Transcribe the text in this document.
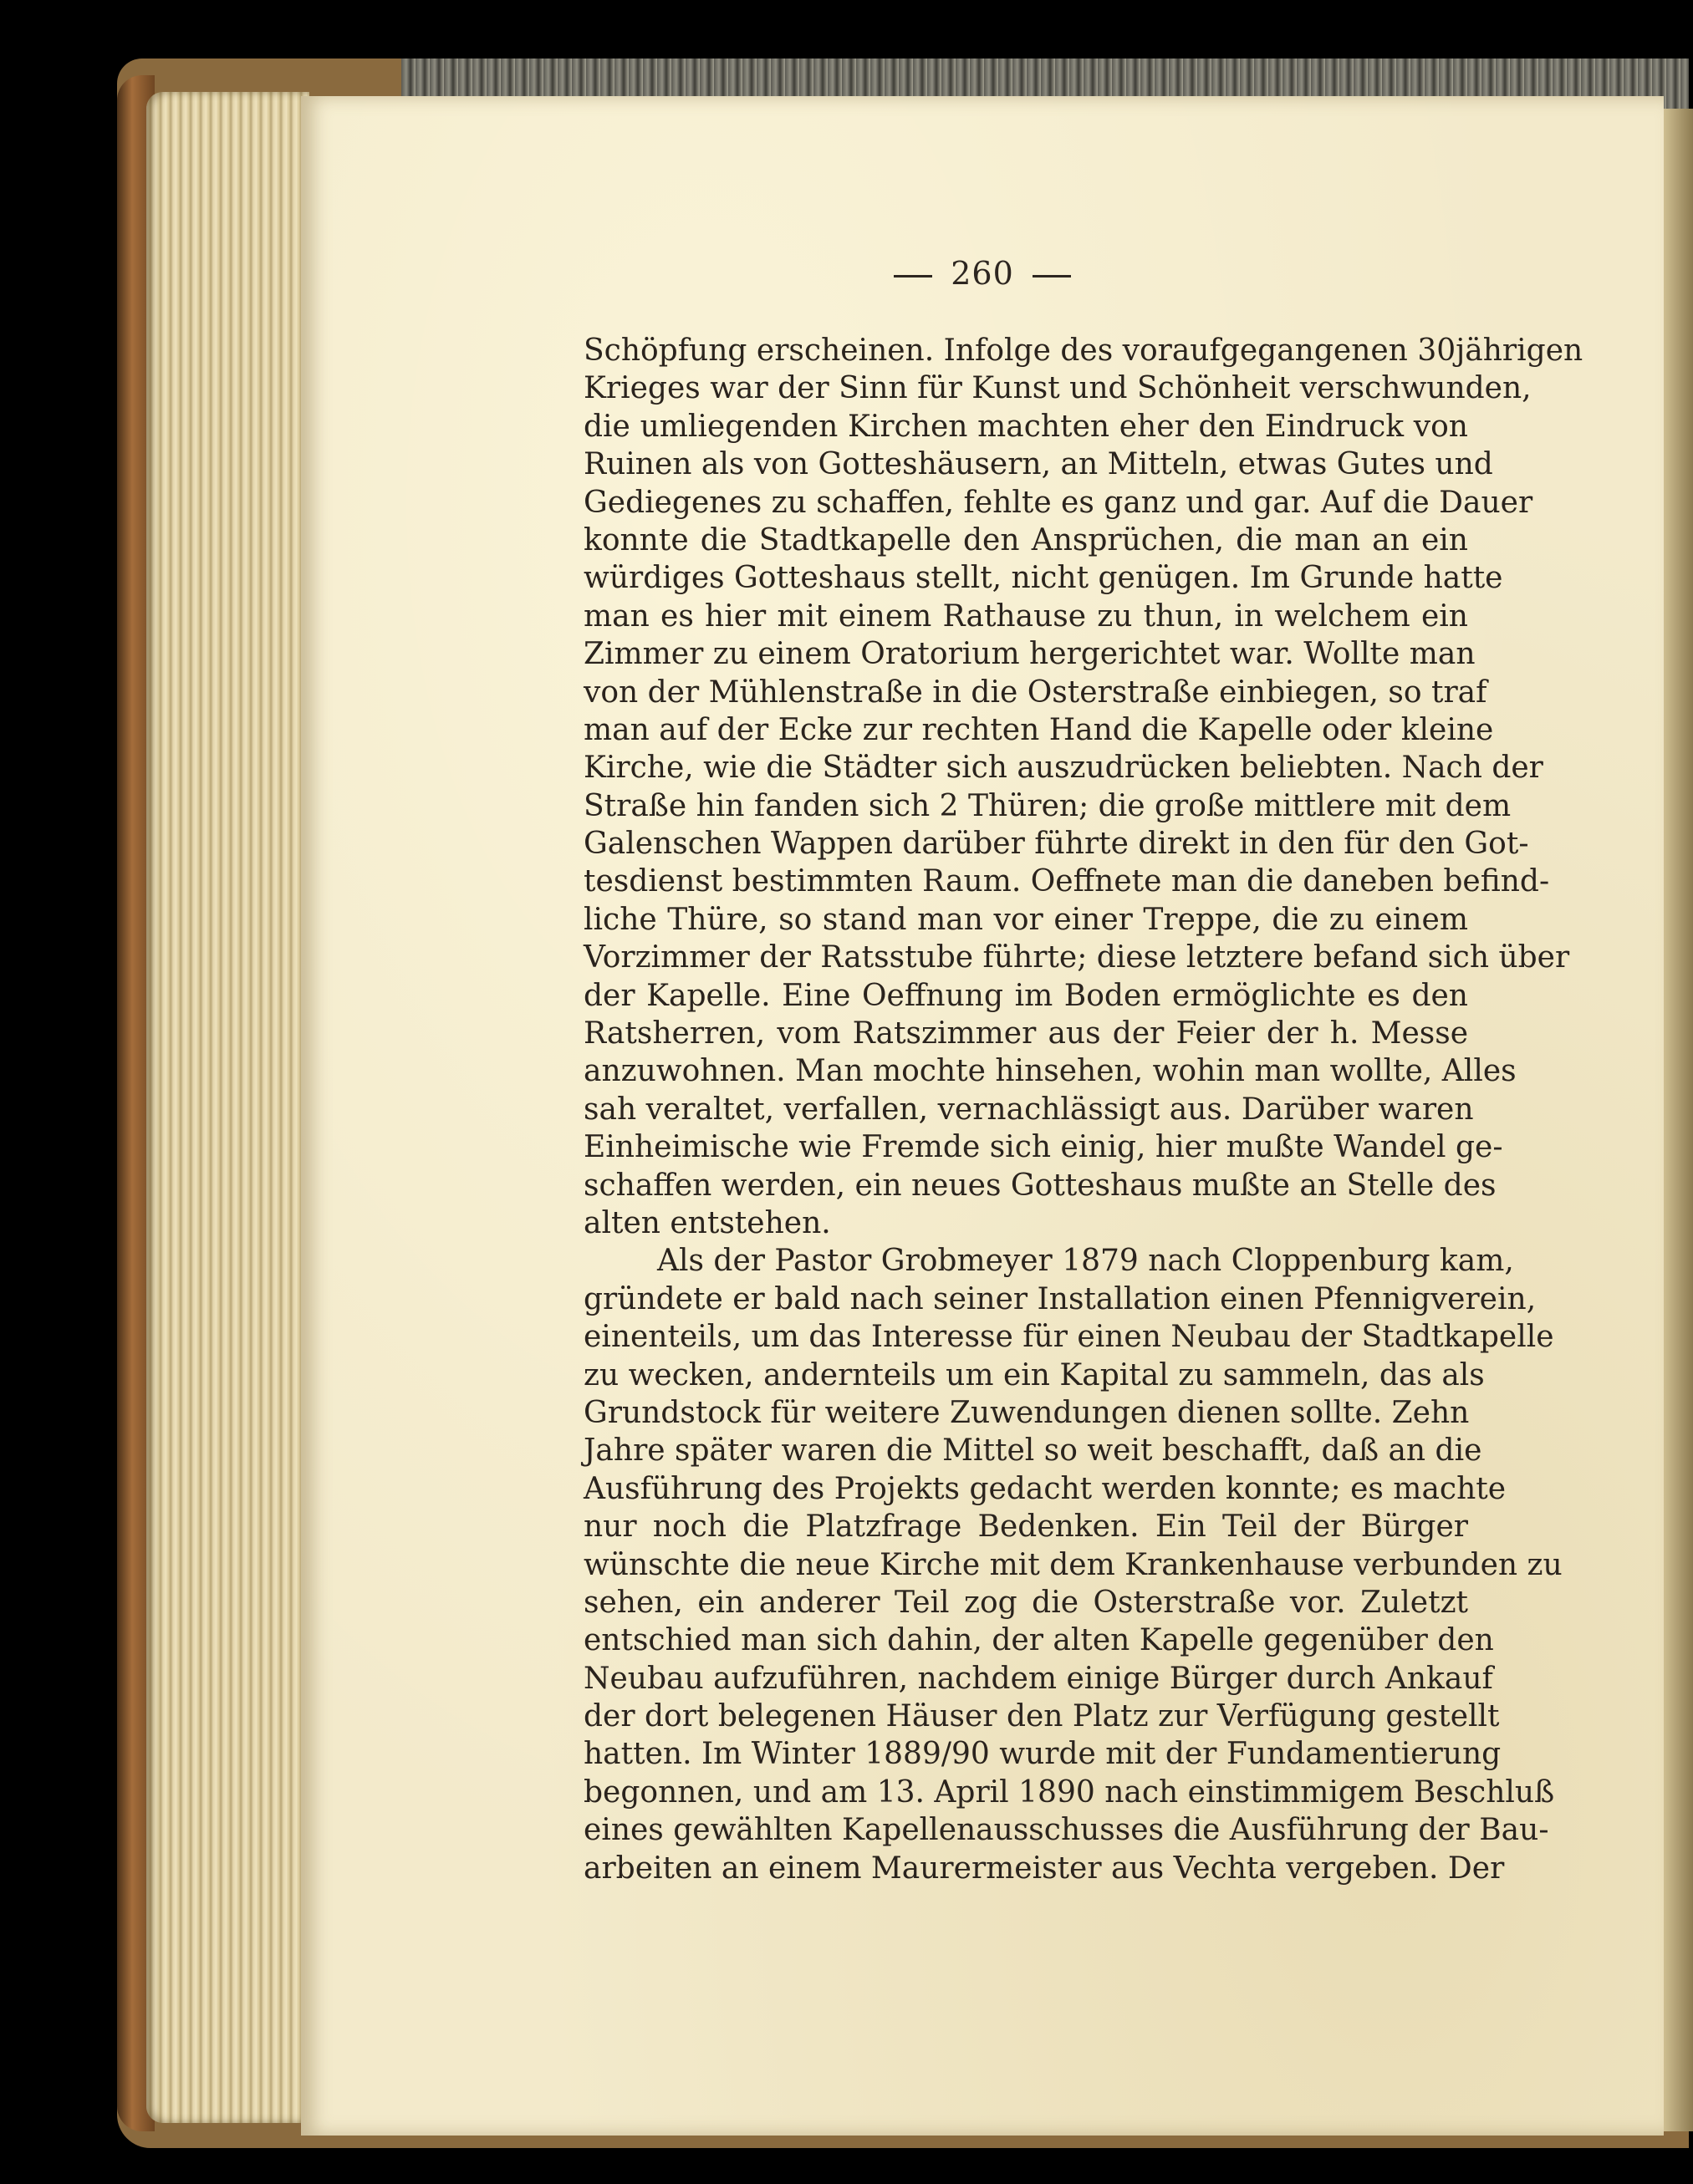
260
Schöpfung erscheinen. Infolge des voraufgegangenen 30jährigen
Krieges war der Sinn für Kunst und Schönheit verschwunden,
die umliegenden Kirchen machten eher den Eindruck von
Ruinen als von Gotteshäusern, an Mitteln, etwas Gutes und
Gediegenes zu schaffen, fehlte es ganz und gar. Auf die Dauer
konnte die Stadtkapelle den Ansprüchen, die man an ein
würdiges Gotteshaus stellt, nicht genügen. Im Grunde hatte
man es hier mit einem Rathause zu thun, in welchem ein
Zimmer zu einem Oratorium hergerichtet war. Wollte man
von der Mühlenstraße in die Osterstraße einbiegen, so traf
man auf der Ecke zur rechten Hand die Kapelle oder kleine
Kirche, wie die Städter sich auszudrücken beliebten. Nach der
Straße hin fanden sich 2 Thüren; die große mittlere mit dem
Galenschen Wappen darüber führte direkt in den für den Got-
tesdienst bestimmten Raum. Oeffnete man die daneben befind-
liche Thüre, so stand man vor einer Treppe, die zu einem
Vorzimmer der Ratsstube führte; diese letztere befand sich über
der Kapelle. Eine Oeffnung im Boden ermöglichte es den
Ratsherren, vom Ratszimmer aus der Feier der h. Messe
anzuwohnen. Man mochte hinsehen, wohin man wollte, Alles
sah veraltet, verfallen, vernachlässigt aus. Darüber waren
Einheimische wie Fremde sich einig, hier mußte Wandel ge-
schaffen werden, ein neues Gotteshaus mußte an Stelle des
alten entstehen.
Als der Pastor Grobmeyer 1879 nach Cloppenburg kam,
gründete er bald nach seiner Installation einen Pfennigverein,
einenteils, um das Interesse für einen Neubau der Stadtkapelle
zu wecken, andernteils um ein Kapital zu sammeln, das als
Grundstock für weitere Zuwendungen dienen sollte. Zehn
Jahre später waren die Mittel so weit beschafft, daß an die
Ausführung des Projekts gedacht werden konnte; es machte
nur noch die Platzfrage Bedenken. Ein Teil der Bürger
wünschte die neue Kirche mit dem Krankenhause verbunden zu
sehen, ein anderer Teil zog die Osterstraße vor. Zuletzt
entschied man sich dahin, der alten Kapelle gegenüber den
Neubau aufzuführen, nachdem einige Bürger durch Ankauf
der dort belegenen Häuser den Platz zur Verfügung gestellt
hatten. Im Winter 1889/90 wurde mit der Fundamentierung
begonnen, und am 13. April 1890 nach einstimmigem Beschluß
eines gewählten Kapellenausschusses die Ausführung der Bau-
arbeiten an einem Maurermeister aus Vechta vergeben. Der
